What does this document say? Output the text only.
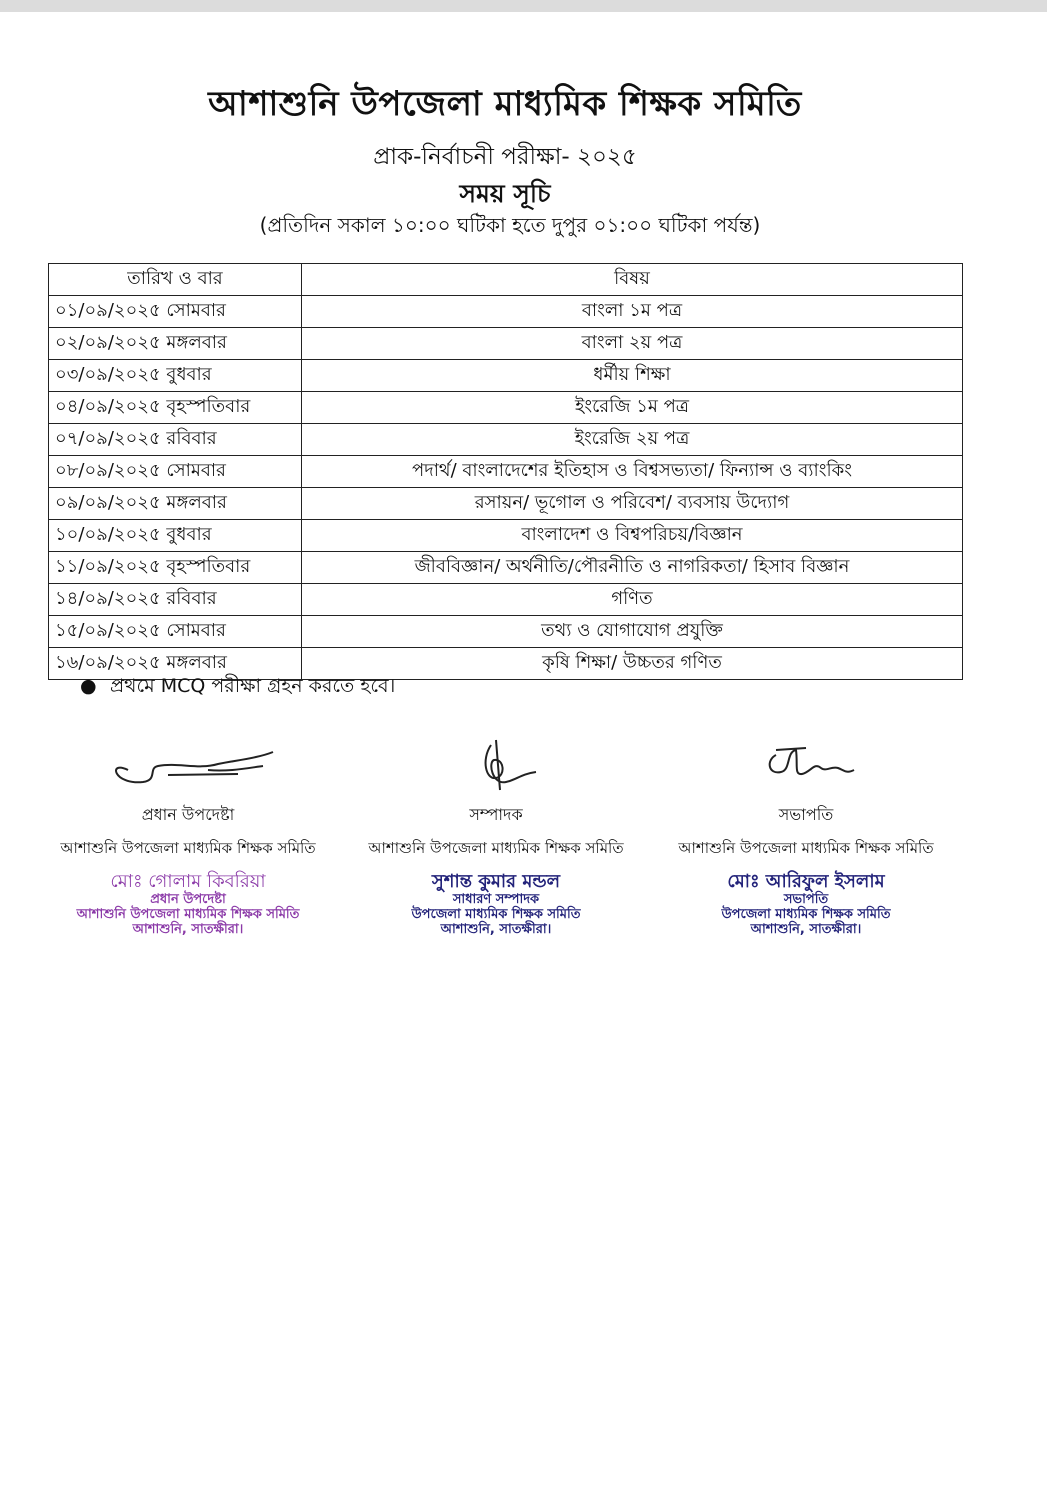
আশাশুনি উপজেলা মাধ্যমিক শিক্ষক সমিতি
প্রাক-নির্বাচনী পরীক্ষা- ২০২৫
সময় সূচি
(প্রতিদিন সকাল ১০:০০ ঘটিকা হতে দুপুর ০১:০০ ঘটিকা পর্যন্ত)
তারিখ ও বার	বিষয়
০১/০৯/২০২৫ সোমবার	বাংলা ১ম পত্র
০২/০৯/২০২৫ মঙ্গলবার	বাংলা ২য় পত্র
০৩/০৯/২০২৫ বুধবার	ধর্মীয় শিক্ষা
০৪/০৯/২০২৫ বৃহস্পতিবার	ইংরেজি ১ম পত্র
০৭/০৯/২০২৫ রবিবার	ইংরেজি ২য় পত্র
০৮/০৯/২০২৫ সোমবার	পদার্থ/ বাংলাদেশের ইতিহাস ও বিশ্বসভ্যতা/ ফিন্যান্স ও ব্যাংকিং
০৯/০৯/২০২৫ মঙ্গলবার	রসায়ন/ ভূগোল ও পরিবেশ/ ব্যবসায় উদ্যোগ
১০/০৯/২০২৫ বুধবার	বাংলাদেশ ও বিশ্বপরিচয়/বিজ্ঞান
১১/০৯/২০২৫ বৃহস্পতিবার	জীববিজ্ঞান/ অর্থনীতি/পৌরনীতি ও নাগরিকতা/ হিসাব বিজ্ঞান
১৪/০৯/২০২৫ রবিবার	গণিত
১৫/০৯/২০২৫ সোমবার	তথ্য ও যোগাযোগ প্রযুক্তি
১৬/০৯/২০২৫ মঙ্গলবার	কৃষি শিক্ষা/ উচ্চতর গণিত
● প্রথমে MCQ পরীক্ষা গ্রহন করতে হবে।
প্রধান উপদেষ্টা
আশাশুনি উপজেলা মাধ্যমিক শিক্ষক সমিতি
মোঃ গোলাম কিবরিয়া
প্রধান উপদেষ্টা
আশাশুনি উপজেলা মাধ্যমিক শিক্ষক সমিতি
আশাশুনি, সাতক্ষীরা।
সম্পাদক
আশাশুনি উপজেলা মাধ্যমিক শিক্ষক সমিতি
সুশান্ত কুমার মন্ডল
সাধারণ সম্পাদক
উপজেলা মাধ্যমিক শিক্ষক সমিতি
আশাশুনি, সাতক্ষীরা।
সভাপতি
আশাশুনি উপজেলা মাধ্যমিক শিক্ষক সমিতি
মোঃ আরিফুল ইসলাম
সভাপতি
উপজেলা মাধ্যমিক শিক্ষক সমিতি
আশাশুনি, সাতক্ষীরা।
